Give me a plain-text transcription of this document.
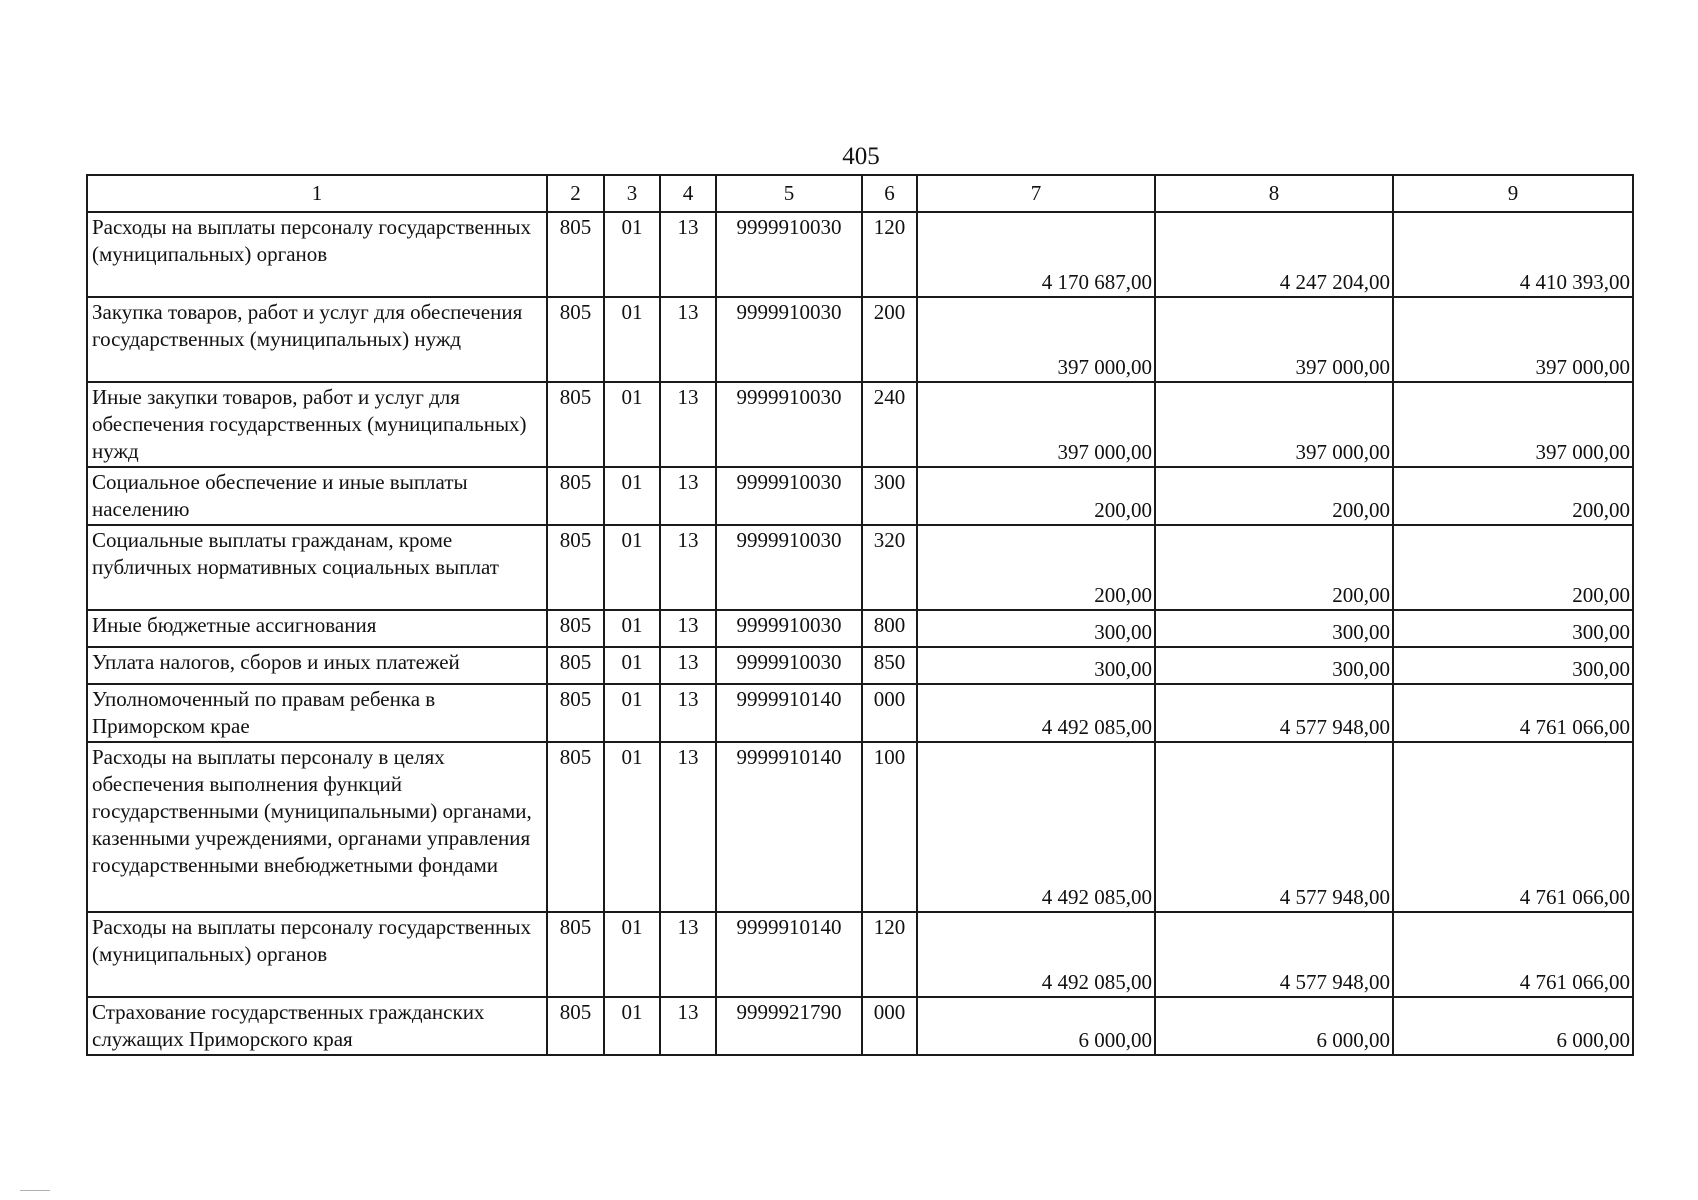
405
1	2	3	4	5	6	7	8	9
Расходы на выплаты персоналу государственных (муниципальных) органов	805	01	13	9999910030	120	4 170 687,00	4 247 204,00	4 410 393,00
Закупка товаров, работ и услуг для обеспечения государственных (муниципальных) нужд	805	01	13	9999910030	200	397 000,00	397 000,00	397 000,00
Иные закупки товаров, работ и услуг для обеспечения государственных (муниципальных) нужд	805	01	13	9999910030	240	397 000,00	397 000,00	397 000,00
Социальное обеспечение и иные выплаты населению	805	01	13	9999910030	300	200,00	200,00	200,00
Социальные выплаты гражданам, кроме публичных нормативных социальных выплат	805	01	13	9999910030	320	200,00	200,00	200,00
Иные бюджетные ассигнования	805	01	13	9999910030	800	300,00	300,00	300,00
Уплата налогов, сборов и иных платежей	805	01	13	9999910030	850	300,00	300,00	300,00
Уполномоченный по правам ребенка в Приморском крае	805	01	13	9999910140	000	4 492 085,00	4 577 948,00	4 761 066,00
Расходы на выплаты персоналу в целях обеспечения выполнения функций государственными (муниципальными) органами, казенными учреждениями, органами управления государственными внебюджетными фондами	805	01	13	9999910140	100	4 492 085,00	4 577 948,00	4 761 066,00
Расходы на выплаты персоналу государственных (муниципальных) органов	805	01	13	9999910140	120	4 492 085,00	4 577 948,00	4 761 066,00
Страхование государственных гражданских служащих Приморского края	805	01	13	9999921790	000	6 000,00	6 000,00	6 000,00
